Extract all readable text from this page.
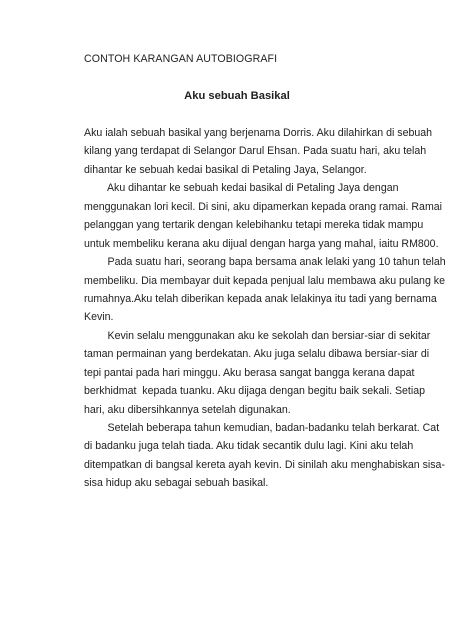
CONTOH KARANGAN AUTOBIOGRAFI
Aku sebuah Basikal
Aku ialah sebuah basikal yang berjenama Dorris. Aku dilahirkan di sebuah
kilang yang terdapat di Selangor Darul Ehsan. Pada suatu hari, aku telah
dihantar ke sebuah kedai basikal di Petaling Jaya, Selangor.
Aku dihantar ke sebuah kedai basikal di Petaling Jaya dengan
menggunakan lori kecil. Di sini, aku dipamerkan kepada orang ramai. Ramai
pelanggan yang tertarik dengan kelebihanku tetapi mereka tidak mampu
untuk membeliku kerana aku dijual dengan harga yang mahal, iaitu RM800.
Pada suatu hari, seorang bapa bersama anak lelaki yang 10 tahun telah
membeliku. Dia membayar duit kepada penjual lalu membawa aku pulang ke
rumahnya.Aku telah diberikan kepada anak lelakinya itu tadi yang bernama
Kevin.
Kevin selalu menggunakan aku ke sekolah dan bersiar-siar di sekitar
taman permainan yang berdekatan. Aku juga selalu dibawa bersiar-siar di
tepi pantai pada hari minggu. Aku berasa sangat bangga kerana dapat
berkhidmat  kepada tuanku. Aku dijaga dengan begitu baik sekali. Setiap
hari, aku dibersihkannya setelah digunakan.
Setelah beberapa tahun kemudian, badan-badanku telah berkarat. Cat
di badanku juga telah tiada. Aku tidak secantik dulu lagi. Kini aku telah
ditempatkan di bangsal kereta ayah kevin. Di sinilah aku menghabiskan sisa-
sisa hidup aku sebagai sebuah basikal.
